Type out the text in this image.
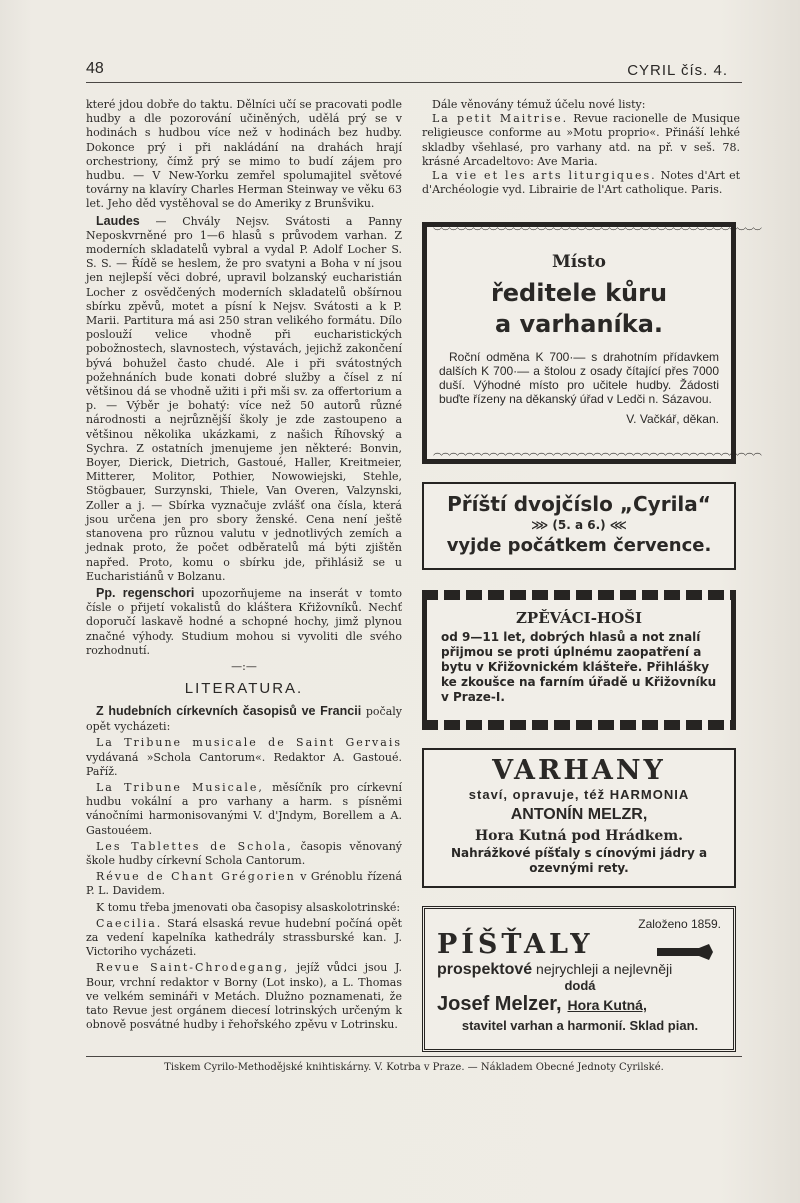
48	CYRIL čís. 4.

které jdou dobře do taktu. Dělníci učí se pracovati podle hudby a dle pozorování učiněných, udělá prý se v hodinách s hudbou více než v hodinách bez hudby. Dokonce prý i při nakládání na drahách hrají orchestriony, čímž prý se mimo to budí zájem pro hudbu. — V New-Yorku zemřel spolumajitel světové továrny na klavíry Charles Herman Steinway ve věku 63 let. Jeho děd vystěhoval se do Ameriky z Brunšviku.

Laudes — Chvály Nejsv. Svátosti a Panny Neposkvrněné pro 1—6 hlasů s průvodem varhan. Z moderních skladatelů vybral a vydal P. Adolf Locher S. S. S. — Řídě se heslem, že pro svatyni a Boha v ní jsou jen nejlepší věci dobré, upravil bolzanský eucharistián Locher z osvědčených moderních skladatelů obšírnou sbírku zpěvů, motet a písní k Nejsv. Svátosti a k P. Marii. Partitura má asi 250 stran velikého formátu. Dílo poslouží velice vhodně při eucharistických pobožnostech, slavnostech, výstavách, jejichž zakončení bývá bohužel často chudé. Ale i při svátostných požehnáních bude konati dobré služby a čísel z ní většinou dá se vhodně užiti i při mši sv. za offertorium a p. — Výběr je bohatý: více než 50 autorů různé národnosti a nejrůznější školy je zde zastoupeno a většinou několika ukázkami, z našich Říhovský a Sychra. Z ostatních jmenujeme jen některé: Bonvin, Boyer, Dierick, Dietrich, Gastoué, Haller, Kreitmeier, Mitterer, Molitor, Pothier, Nowowiejski, Stehle, Stögbauer, Surzynski, Thiele, Van Overen, Valzynski, Zoller a j. — Sbírka vyznačuje zvlášť ona čísla, která jsou určena jen pro sbory ženské. Cena není ještě stanovena pro různou valutu v jednotlivých zemích a jednak proto, že počet odběratelů má býti zjištěn napřed. Proto, komu o sbírku jde, přihlásiž se u Eucharistiánů v Bolzanu.

Pp. regenschori upozorňujeme na inserát v tomto čísle o přijetí vokalistů do kláštera Křižovníků. Nechť doporučí laskavě hodné a schopné hochy, jimž plynou značné výhody. Studium mohou si vyvoliti dle svého rozhodnutí.

—:—
LITERATURA.

Z hudebních církevních časopisů ve Francii počaly opět vycházeti:

La Tribune musicale de Saint Gervais vydávaná »Schola Cantorum«. Redaktor A. Gastoué. Paříž.

La Tribune Musicale, měsíčník pro církevní hudbu vokální a pro varhany a harm. s písněmi vánočními harmonisovanými V. d'Jndym, Borellem a A. Gastouéem.

Les Tablettes de Schola, časopis věnovaný škole hudby církevní Schola Cantorum.

Révue de Chant Grégorien v Grénoblu řízená P. L. Davidem.

K tomu třeba jmenovati oba časopisy alsaskolotrinské:

Caecilia. Stará elsaská revue hudební počíná opět za vedení kapelníka kathedrály strassburské kan. J. Victoriho vycházeti.

Revue Saint-Chrodegang, jejíž vůdci jsou J. Bour, vrchní redaktor v Borny (Lot insko), a L. Thomas ve velkém semináři v Metách. Dlužno poznamenati, že tato Revue jest orgánem diecesí lotrinských určeným k obnově posvátné hudby i řehořského zpěvu v Lotrinsku.

Dále věnovány témuž účelu nové listy:

La petit Maitrise. Revue racionelle de Musique religieusce conforme au »Motu proprio«. Přináší lehké skladby všehlasé, pro varhany atd. na př. v seš. 78. krásné Arcadeltovo: Ave Maria.

La vie et les arts liturgiques. Notes d'Art et d'Archéologie vyd. Librairie de l'Art catholique. Paris.

︶︶︶︶︶︶︶︶︶︶︶︶︶︶︶︶︶︶︶︶︶︶︶︶︶︶︶︶︶︶︶︶︶︶︶︶︶︶︶︶︶
Místo
ředitele kůru
a varhaníka.
Roční odměna K 700·— s drahotním přídavkem dalších K 700·— a štolou z osady čítající přes 7000 duší. Výhodné místo pro učitele hudby. Žádosti buďte řízeny na děkanský úřad v Ledči n. Sázavou.
V. Vačkář, děkan.
︵︵︵︵︵︵︵︵︵︵︵︵︵︵︵︵︵︵︵︵︵︵︵︵︵︵︵︵︵︵︵︵︵︵︵︵︵︵︵︵︵
Příští dvojčíslo „Cyrila“
⋙ (5. a 6.) ⋘
vyjde počátkem července.
ZPĚVÁCI-HOŠI
od 9—11 let, dobrých hlasů a not znalí přijmou se proti úplnému zaopatření a bytu v Křižovnickém klášteře. Přihlášky ke zkoušce na farním úřadě u Křižovníku v Praze-I.
VARHANY
staví, opravuje, též HARMONIA
ANTONÍN MELZR,
Hora Kutná pod Hrádkem.
Nahrážkové píšťaly s cínovými jádry a ozevnými rety.
Založeno 1859.
PÍŠŤALY
prospektové nejrychleji a nejlevněji
dodá
Josef Melzer, Hora Kutná,
stavitel varhan a harmonií. Sklad pian.
Tiskem Cyrilo-Methodějské knihtiskárny. V. Kotrba v Praze. — Nákladem Obecné Jednoty Cyrilské.
